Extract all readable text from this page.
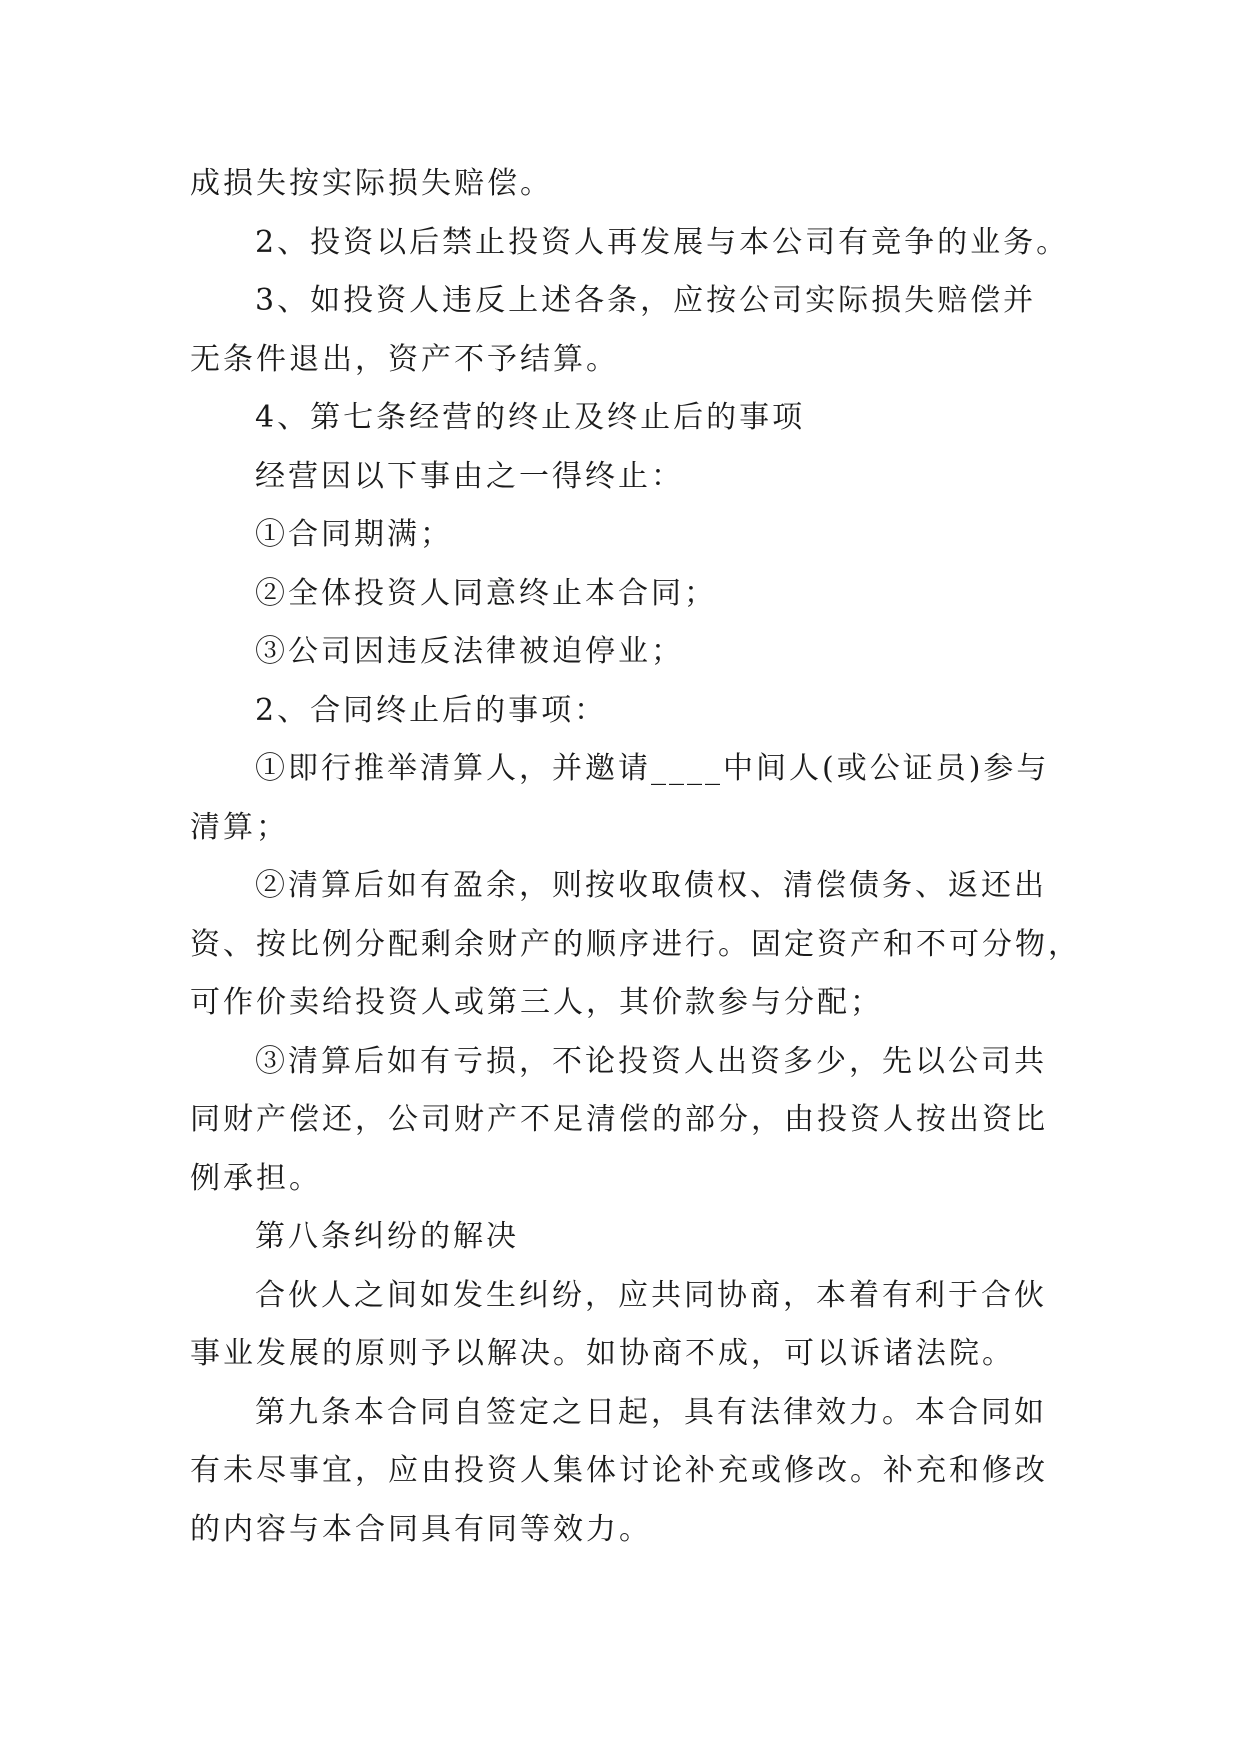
成损失按实际损失赔偿。
2、投资以后禁止投资人再发展与本公司有竞争的业务。
3、如投资人违反上述各条，应按公司实际损失赔偿并
无条件退出，资产不予结算。
4、第七条经营的终止及终止后的事项
经营因以下事由之一得终止：
①合同期满；
②全体投资人同意终止本合同；
③公司因违反法律被迫停业；
2、合同终止后的事项：
①即行推举清算人，并邀请____中间人(或公证员)参与
清算；
②清算后如有盈余，则按收取债权、清偿债务、返还出
资、按比例分配剩余财产的顺序进行。固定资产和不可分物，
可作价卖给投资人或第三人，其价款参与分配；
③清算后如有亏损，不论投资人出资多少，先以公司共
同财产偿还，公司财产不足清偿的部分，由投资人按出资比
例承担。
第八条纠纷的解决
合伙人之间如发生纠纷，应共同协商，本着有利于合伙
事业发展的原则予以解决。如协商不成，可以诉诸法院。
第九条本合同自签定之日起，具有法律效力。本合同如
有未尽事宜，应由投资人集体讨论补充或修改。补充和修改
的内容与本合同具有同等效力。
